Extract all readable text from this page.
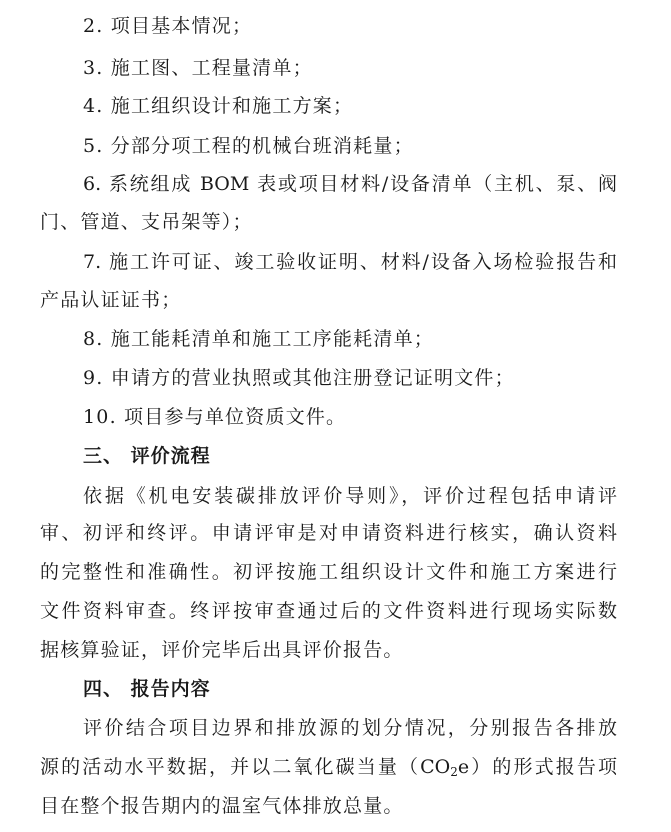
2. 项目基本情况；
3. 施工图、工程量清单；
4. 施工组织设计和施工方案；
5. 分部分项工程的机械台班消耗量；
6. 系统组成 BOM 表或项目材料/设备清单（主机、泵、阀
门、管道、支吊架等）；
7. 施工许可证、竣工验收证明、材料/设备入场检验报告和
产品认证证书；
8. 施工能耗清单和施工工序能耗清单；
9. 申请方的营业执照或其他注册登记证明文件；
10. 项目参与单位资质文件。
三、 评价流程
依据《机电安装碳排放评价导则》，评价过程包括申请评
审、初评和终评。申请评审是对申请资料进行核实，确认资料
的完整性和准确性。初评按施工组织设计文件和施工方案进行
文件资料审查。终评按审查通过后的文件资料进行现场实际数
据核算验证，评价完毕后出具评价报告。
四、 报告内容
评价结合项目边界和排放源的划分情况，分别报告各排放
源的活动水平数据，并以二氧化碳当量$(CO_2e)$的形式报告项
目在整个报告期内的温室气体排放总量。
